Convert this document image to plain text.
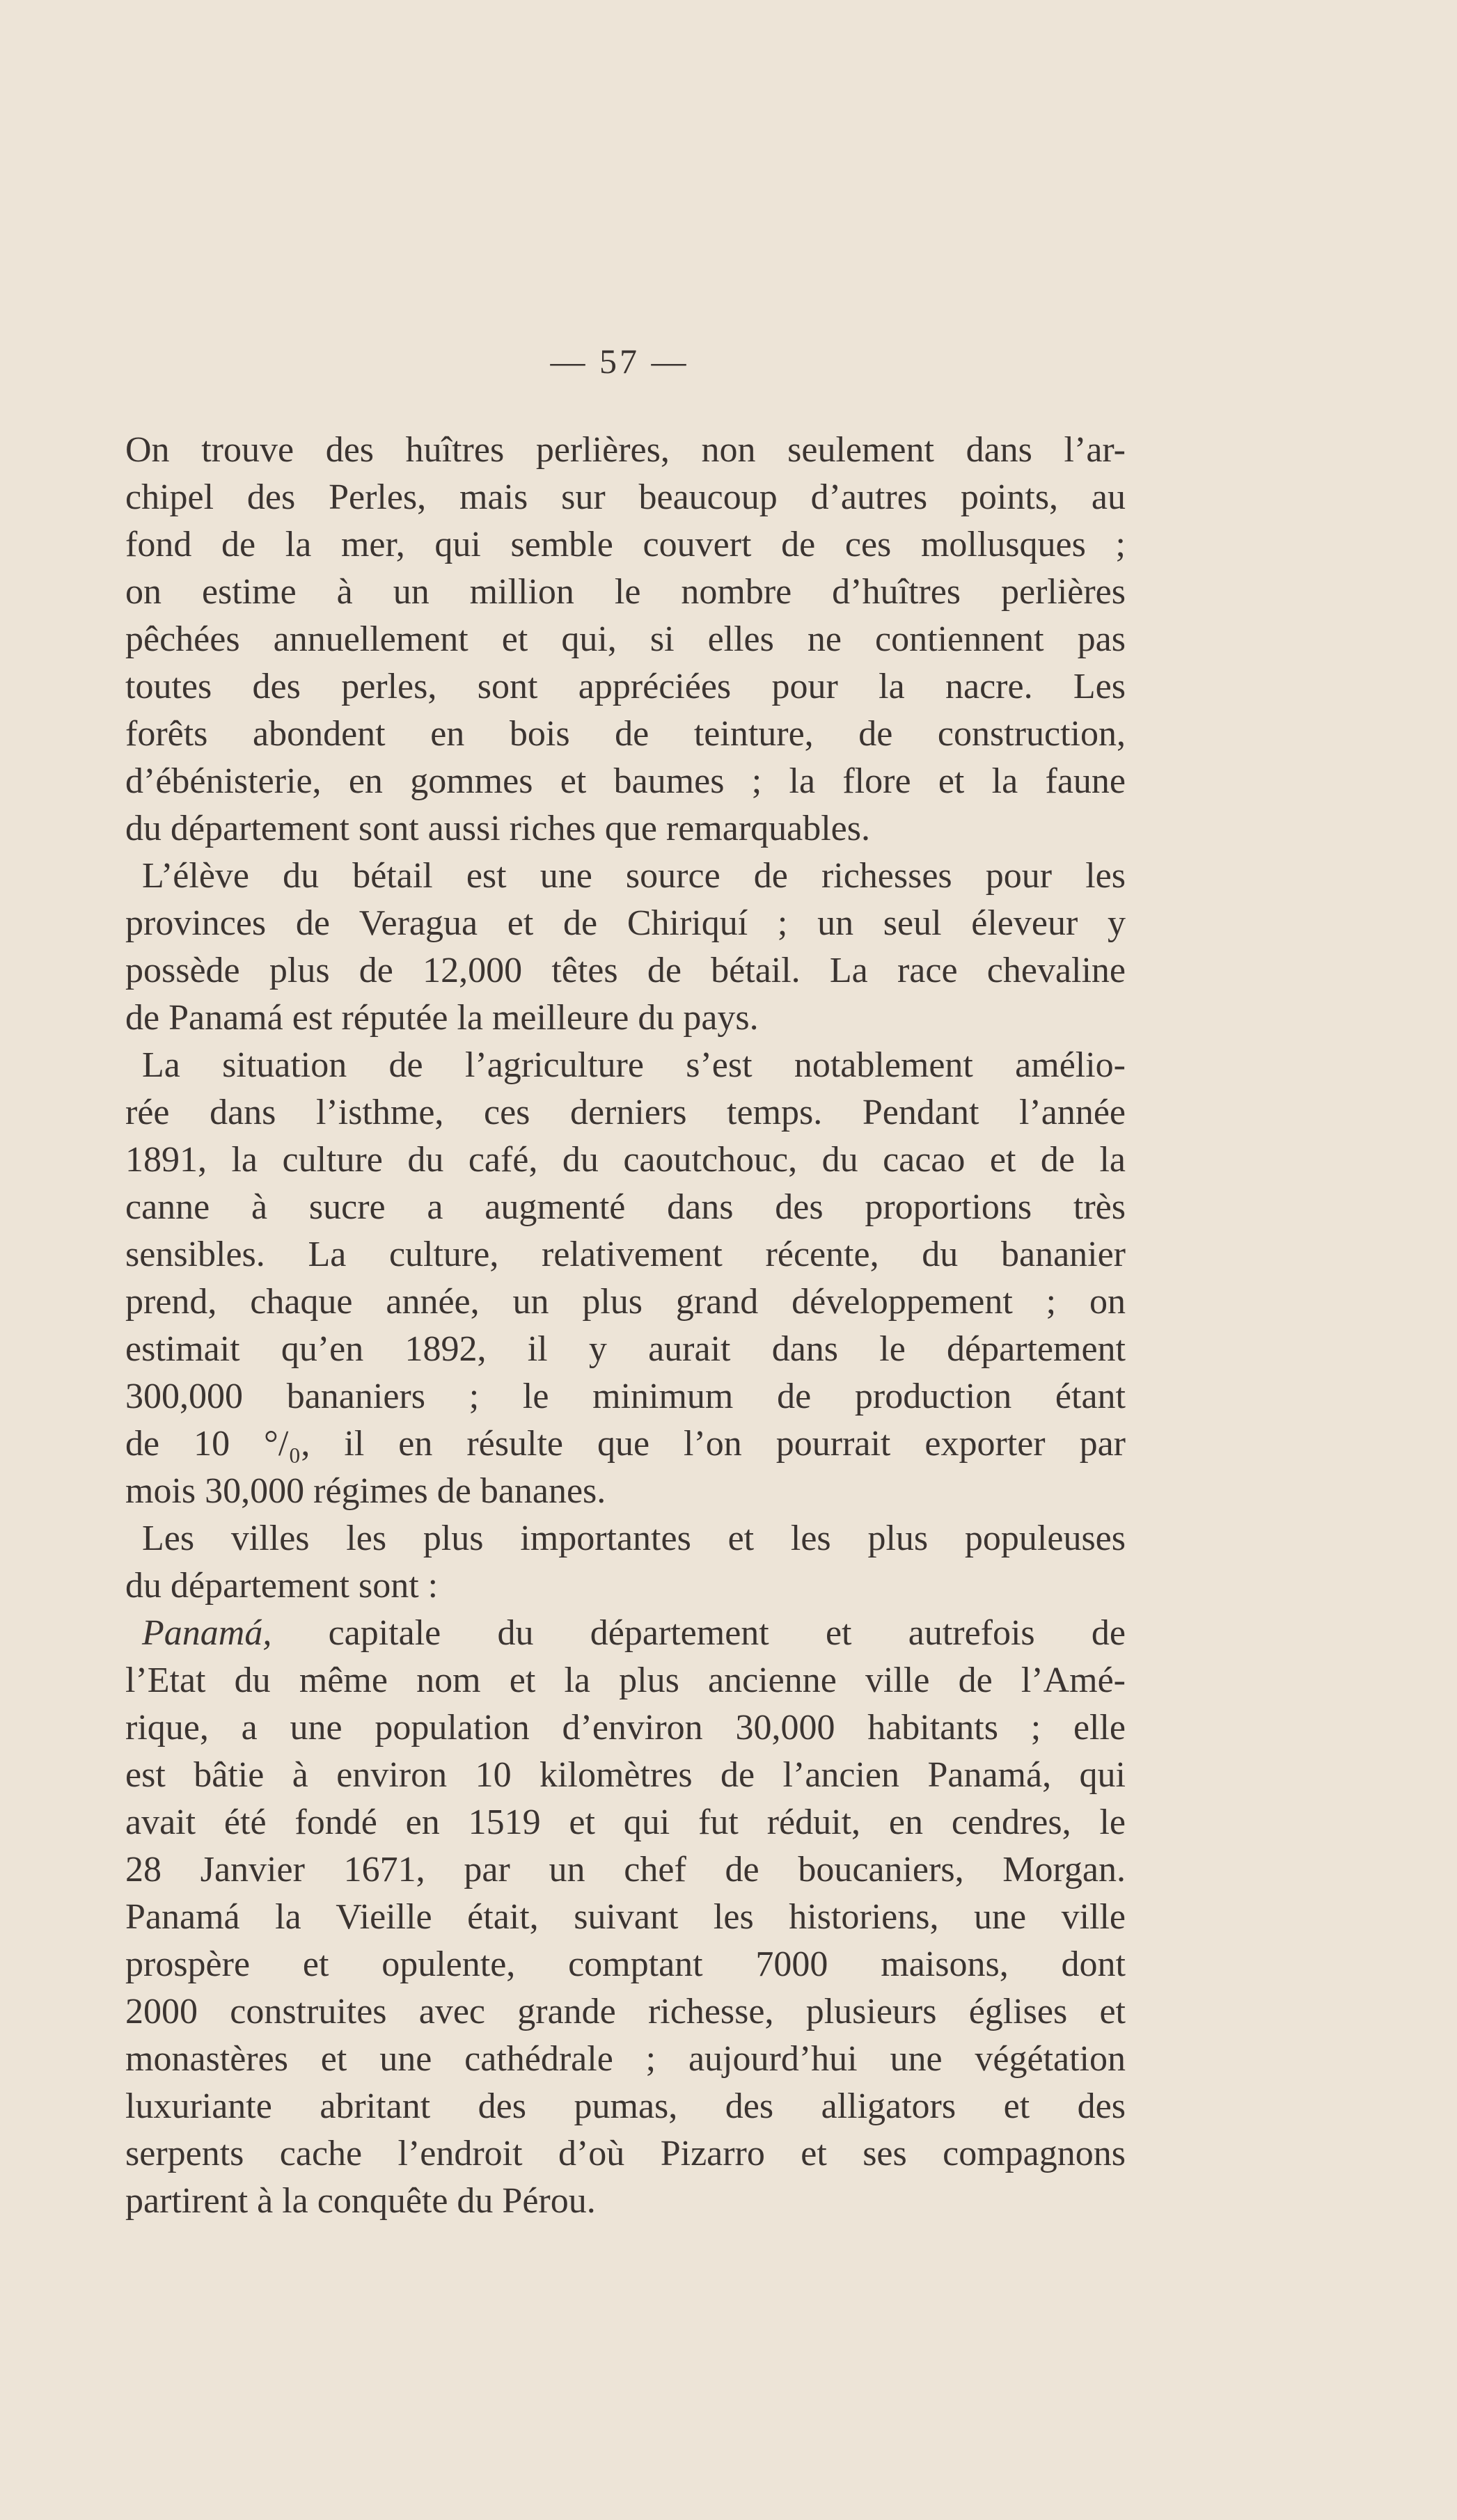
— 57 —
On trouve des huîtres perlières, non seulement dans l’ar-
chipel des Perles, mais sur beaucoup d’autres points, au
fond de la mer, qui semble couvert de ces mollusques ;
on estime à un million le nombre d’huîtres perlières
pêchées annuellement et qui, si elles ne contiennent pas
toutes des perles, sont appréciées pour la nacre. Les
forêts abondent en bois de teinture, de construction,
d’ébénisterie, en gommes et baumes ; la flore et la faune
du département sont aussi riches que remarquables.
L’élève du bétail est une source de richesses pour les
provinces de Veragua et de Chiriquí ; un seul éleveur y
possède plus de 12,000 têtes de bétail. La race chevaline
de Panamá est réputée la meilleure du pays.
La situation de l’agriculture s’est notablement amélio-
rée dans l’isthme, ces derniers temps. Pendant l’année
1891, la culture du café, du caoutchouc, du cacao et de la
canne à sucre a augmenté dans des proportions très
sensibles. La culture, relativement récente, du bananier
prend, chaque année, un plus grand développement ; on
estimait qu’en 1892, il y aurait dans le département
300,000 bananiers ; le minimum de production étant
de 10 °/₀, il en résulte que l’on pourrait exporter par
mois 30,000 régimes de bananes.
Les villes les plus importantes et les plus populeuses
du département sont :
Panamá, capitale du département et autrefois de
l’Etat du même nom et la plus ancienne ville de l’Amé-
rique, a une population d’environ 30,000 habitants ; elle
est bâtie à environ 10 kilomètres de l’ancien Panamá, qui
avait été fondé en 1519 et qui fut réduit, en cendres, le
28 Janvier 1671, par un chef de boucaniers, Morgan.
Panamá la Vieille était, suivant les historiens, une ville
prospère et opulente, comptant 7000 maisons, dont
2000 construites avec grande richesse, plusieurs églises et
monastères et une cathédrale ; aujourd’hui une végétation
luxuriante abritant des pumas, des alligators et des
serpents cache l’endroit d’où Pizarro et ses compagnons
partirent à la conquête du Pérou.
